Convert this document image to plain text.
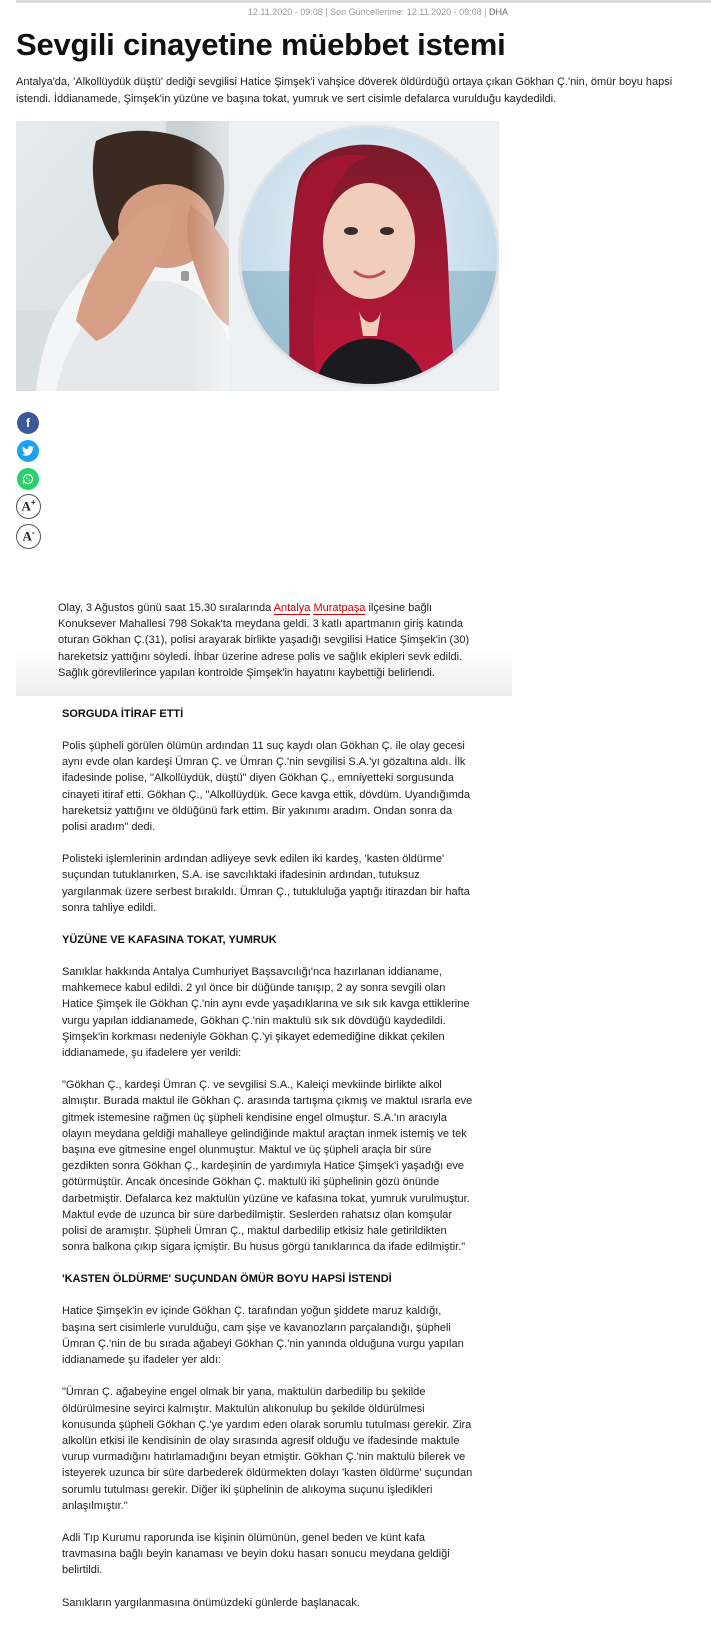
12.11.2020 - 09:08 | Son Güncellenme: 12.11.2020 - 09:08 | DHA
Sevgili cinayetine müebbet istemi

Antalya'da, 'Alkollüydük düştü' dediği sevgilisi Hatice Şimşek'i vahşice döverek öldürdüğü ortaya çıkan Gökhan Ç.'nin, ömür boyu hapsi istendi. İddianamede, Şimşek'in yüzüne ve başına tokat, yumruk ve sert cisimle defalarca vurulduğu kaydedildi.

f
A+
A-

Olay, 3 Ağustos günü saat 15.30 sıralarında Antalya Muratpaşa ilçesine bağlı Konuksever Mahallesi 798 Sokak'ta meydana geldi. 3 katlı apartmanın giriş katında oturan Gökhan Ç.(31), polisi arayarak birlikte yaşadığı sevgilisi Hatice Şimşek'in (30) hareketsiz yattığını söyledi. İhbar üzerine adrese polis ve sağlık ekipleri sevk edildi. Sağlık görevlilerince yapılan kontrolde Şimşek'in hayatını kaybettiği belirlendi.

SORGUDA İTİRAF ETTİ

Polis şüpheli görülen ölümün ardından 11 suç kaydı olan Gökhan Ç. ile olay gecesi aynı evde olan kardeşi Ümran Ç. ve Ümran Ç.'nin sevgilisi S.A.'yı gözaltına aldı. İlk ifadesinde polise, "Alkollüydük, düştü" diyen Gökhan Ç., emniyetteki sorgusunda cinayeti itiraf etti. Gökhan Ç., "Alkollüydük. Gece kavga ettik, dövdüm. Uyandığımda hareketsiz yattığını ve öldüğünü fark ettim. Bir yakınımı aradım. Ondan sonra da polisi aradım" dedi.

Polisteki işlemlerinin ardından adliyeye sevk edilen iki kardeş, 'kasten öldürme' suçundan tutuklanırken, S.A. ise savcılıktaki ifadesinin ardından, tutuksuz yargılanmak üzere serbest bırakıldı. Ümran Ç., tutukluluğa yaptığı itirazdan bir hafta sonra tahliye edildi.

YÜZÜNE VE KAFASINA TOKAT, YUMRUK

Sanıklar hakkında Antalya Cumhuriyet Başsavcılığı'nca hazırlanan iddianame, mahkemece kabul edildi. 2 yıl önce bir düğünde tanışıp, 2 ay sonra sevgili olan Hatice Şimşek ile Gökhan Ç.'nin aynı evde yaşadıklarına ve sık sık kavga ettiklerine vurgu yapılan iddianamede, Gökhan Ç.'nin maktulü sık sık dövdüğü kaydedildi. Şimşek'in korkması nedeniyle Gökhan Ç.'yi şikayet edemediğine dikkat çekilen iddianamede, şu ifadelere yer verildi:

"Gökhan Ç., kardeşi Ümran Ç. ve sevgilisi S.A., Kaleiçi mevkiinde birlikte alkol almıştır. Burada maktul ile Gökhan Ç. arasında tartışma çıkmış ve maktul ısrarla eve gitmek istemesine rağmen üç şüpheli kendisine engel olmuştur. S.A.'ın aracıyla olayın meydana geldiği mahalleye gelindiğinde maktul araçtan inmek istemiş ve tek başına eve gitmesine engel olunmuştur. Maktul ve üç şüpheli araçla bir süre gezdikten sonra Gökhan Ç., kardeşinin de yardımıyla Hatice Şimşek'i yaşadığı eve götürmüştür. Ancak öncesinde Gökhan Ç. maktulü iki şüphelinin gözü önünde darbetmiştir. Defalarca kez maktulün yüzüne ve kafasına tokat, yumruk vurulmuştur. Maktul evde de uzunca bir süre darbedilmiştir. Seslerden rahatsız olan komşular polisi de aramıştır. Şüpheli Ümran Ç., maktul darbedilip etkisiz hale getirildikten sonra balkona çıkıp sigara içmiştir. Bu husus görgü tanıklarınca da ifade edilmiştir."

'KASTEN ÖLDÜRME' SUÇUNDAN ÖMÜR BOYU HAPSİ İSTENDİ

Hatice Şimşek'in ev içinde Gökhan Ç. tarafından yoğun şiddete maruz kaldığı, başına sert cisimlerle vurulduğu, cam şişe ve kavanozların parçalandığı, şüpheli Ümran Ç.'nin de bu sırada ağabeyi Gökhan Ç.'nin yanında olduğuna vurgu yapılan iddianamede şu ifadeler yer aldı:

"Ümran Ç. ağabeyine engel olmak bir yana, maktulün darbedilip bu şekilde öldürülmesine seyirci kalmıştır. Maktulün alıkonulup bu şekilde öldürülmesi konusunda şüpheli Gökhan Ç.'ye yardım eden olarak sorumlu tutulması gerekir. Zira alkolün etkisi ile kendisinin de olay sırasında agresif olduğu ve ifadesinde maktule vurup vurmadığını hatırlamadığını beyan etmiştir. Gökhan Ç.'nin maktulü bilerek ve isteyerek uzunca bir süre darbederek öldürmekten dolayı 'kasten öldürme' suçundan sorumlu tutulması gerekir. Diğer iki şüphelinin de alıkoyma suçunu işledikleri anlaşılmıştır."

Adli Tıp Kurumu raporunda ise kişinin ölümünün, genel beden ve künt kafa travmasına bağlı beyin kanaması ve beyin doku hasarı sonucu meydana geldiği belirtildi.

Sanıkların yargılanmasına önümüzdeki günlerde başlanacak.
